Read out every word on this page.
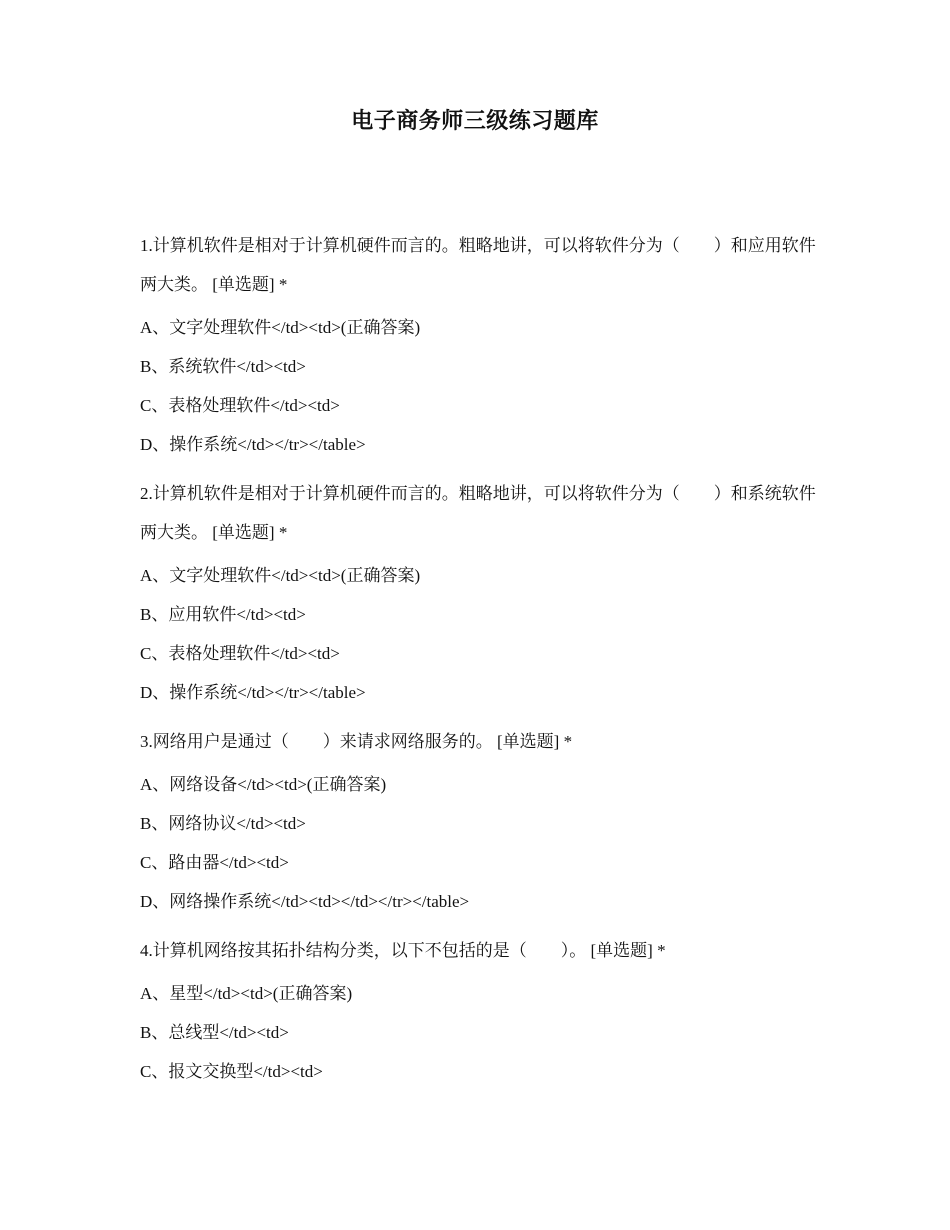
电子商务师三级练习题库
1.计算机软件是相对于计算机硬件而言的。粗略地讲，可以将软件分为（　　）和应用软件两大类。 [单选题] *
A、文字处理软件</td><td>(正确答案)
B、系统软件</td><td>
C、表格处理软件</td><td>
D、操作系统</td></tr></table>
2.计算机软件是相对于计算机硬件而言的。粗略地讲，可以将软件分为（　　）和系统软件两大类。 [单选题] *
A、文字处理软件</td><td>(正确答案)
B、应用软件</td><td>
C、表格处理软件</td><td>
D、操作系统</td></tr></table>
3.网络用户是通过（　　）来请求网络服务的。 [单选题] *
A、网络设备</td><td>(正确答案)
B、网络协议</td><td>
C、路由器</td><td>
D、网络操作系统</td><td></td></tr></table>
4.计算机网络按其拓扑结构分类，以下不包括的是（　　）。 [单选题] *
A、星型</td><td>(正确答案)
B、总线型</td><td>
C、报文交换型</td><td>
